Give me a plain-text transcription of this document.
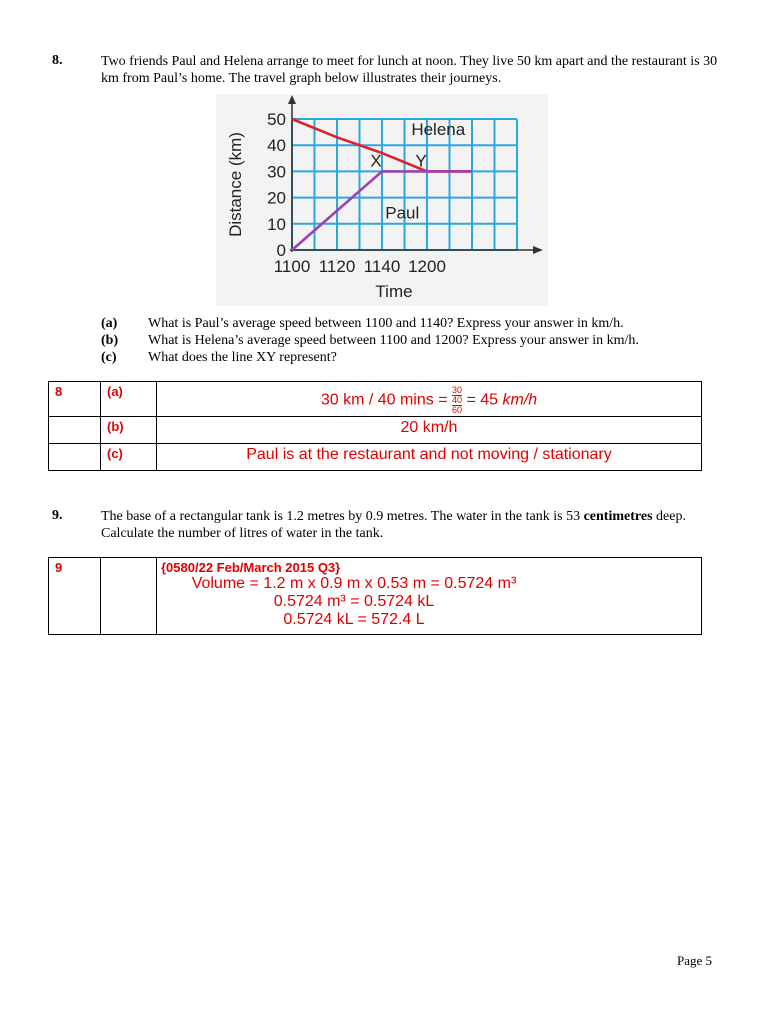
8.	Two friends Paul and Helena arrange to meet for lunch at noon. They live 50 km apart and the restaurant is 30 km from Paul’s home. The travel graph below illustrates their journeys.
0
10
20
30
40
50
1100 1120 1140 1200
Time
Distance (km)
Helena
Paul
X Y
(a) What is Paul’s average speed between 1100 and 1140? Express your answer in km/h.
(b) What is Helena’s average speed between 1100 and 1200? Express your answer in km/h.
(c) What does the line XY represent?
8	(a)	30 km / 40 mins = 30
40
60 = 45 km/h
	(b)	20 km/h
	(c)	Paul is at the restaurant and not moving / stationary
9.	The base of a rectangular tank is 1.2 metres by 0.9 metres. The water in the tank is 53 centimetres deep. Calculate the number of litres of water in the tank.
9		{0580/22 Feb/March 2015 Q3}
Volume = 1.2 m x 0.9 m x 0.53 m = 0.5724 m³
0.5724 m³ = 0.5724 kL
0.5724 kL = 572.4 L
Page 5
